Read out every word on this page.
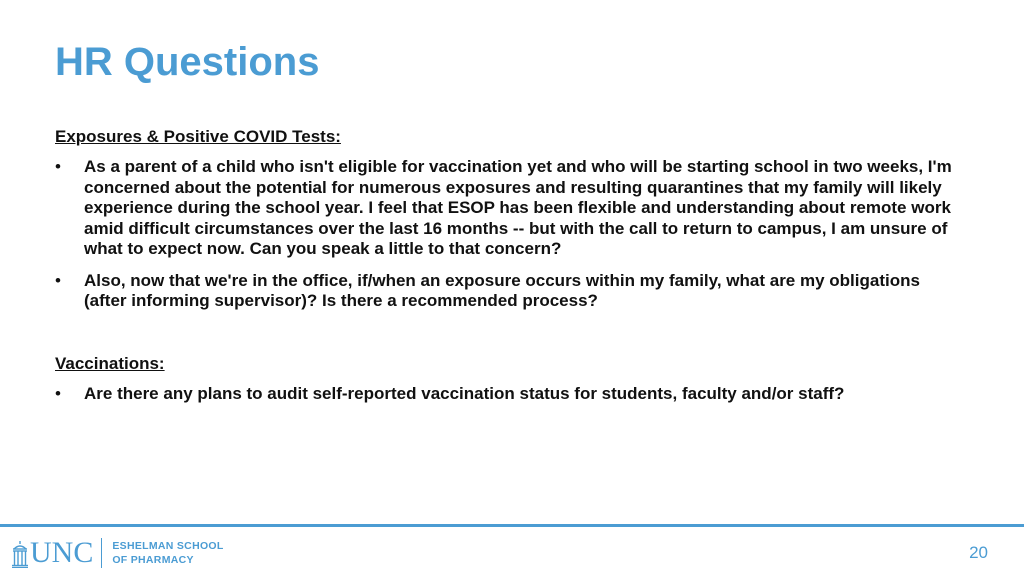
HR Questions
Exposures & Positive COVID Tests:
• As a parent of a child who isn't eligible for vaccination yet and who will be starting school in two weeks, I'm concerned about the potential for numerous exposures and resulting quarantines that my family will likely experience during the school year. I feel that ESOP has been flexible and understanding about remote work amid difficult circumstances over the last 16 months -- but with the call to return to campus, I am unsure of what to expect now. Can you speak a little to that concern?
• Also, now that we're in the office, if/when an exposure occurs within my family, what are my obligations (after informing supervisor)? Is there a recommended process?
Vaccinations:
• Are there any plans to audit self-reported vaccination status for students, faculty and/or staff?
UNC ESHELMAN SCHOOL
OF PHARMACY	20
